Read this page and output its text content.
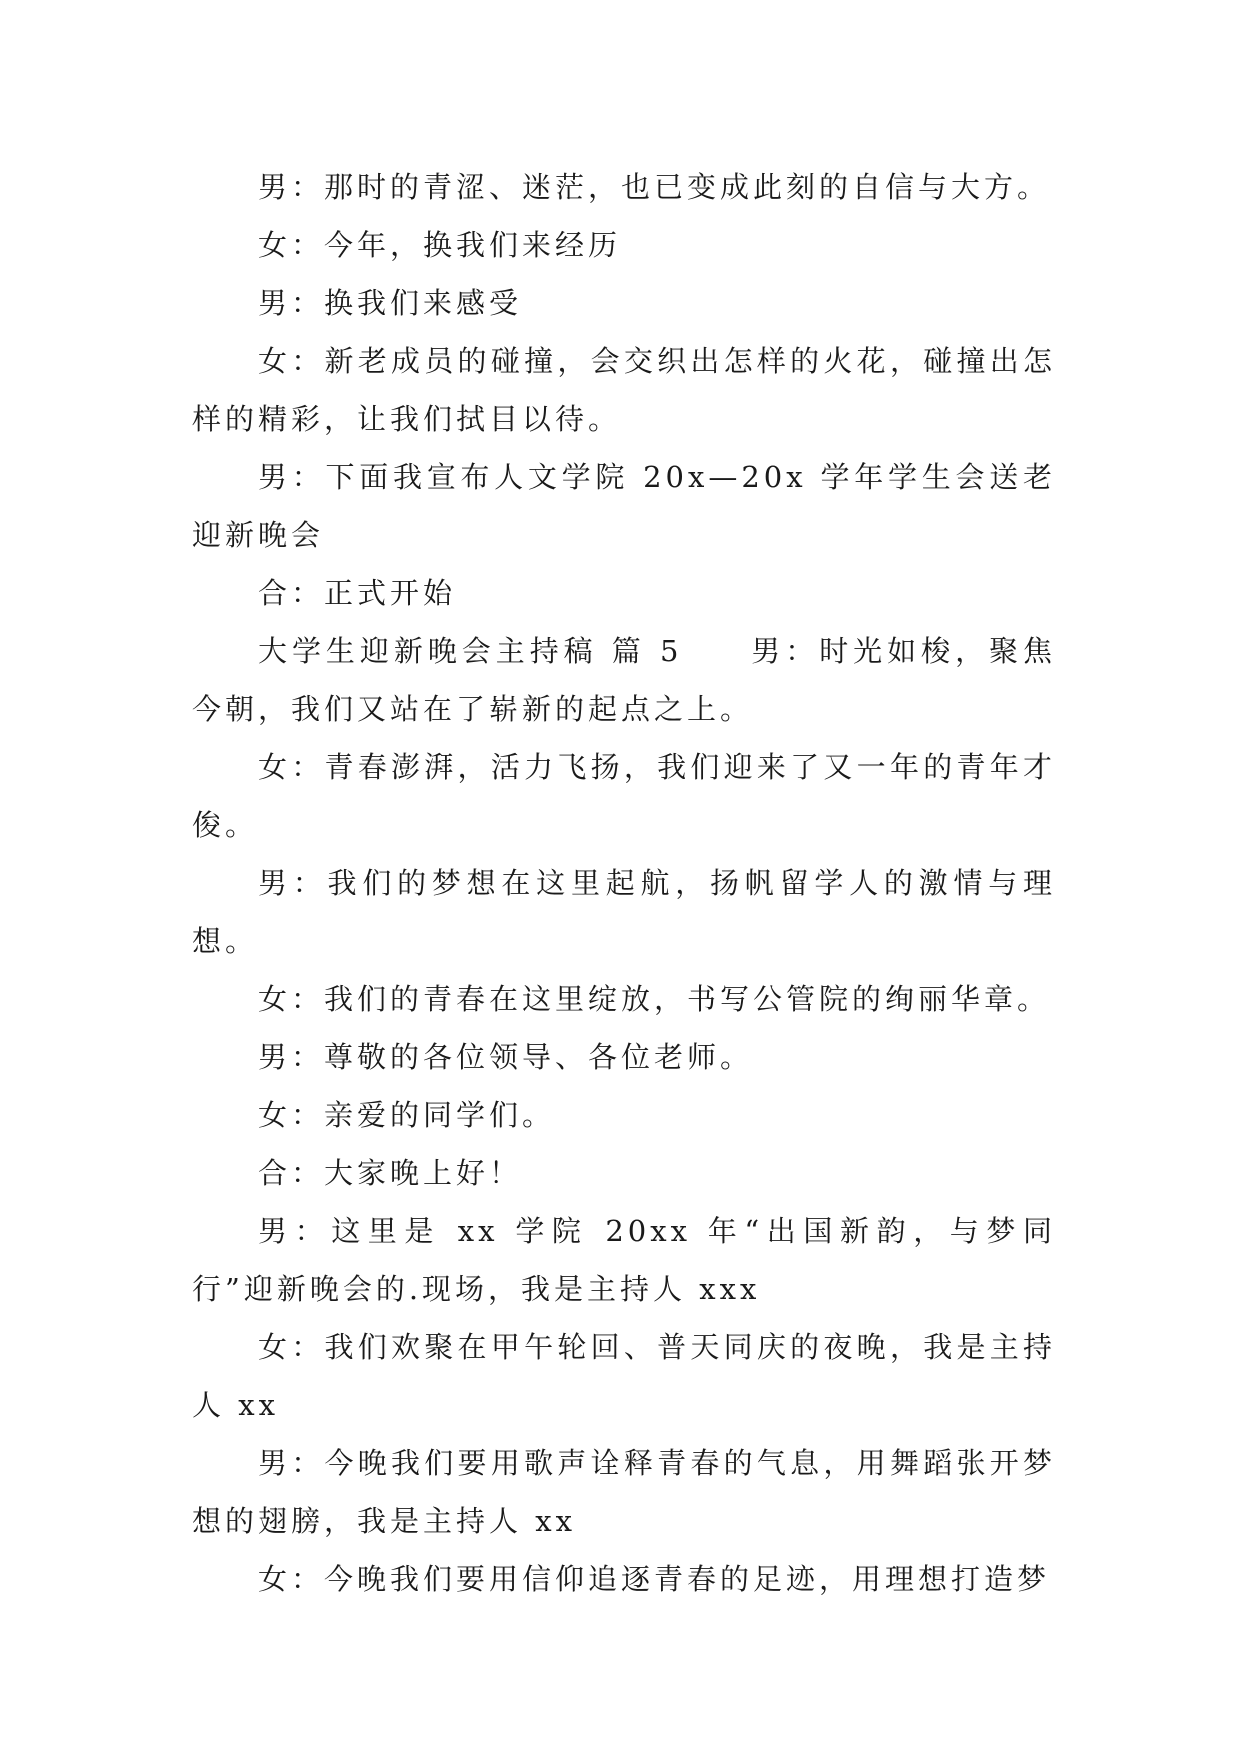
男：那时的青涩、迷茫，也已变成此刻的自信与大方。

女：今年，换我们来经历

男：换我们来感受

女：新老成员的碰撞，会交织出怎样的火花，碰撞出怎样的精彩，让我们拭目以待。

男：下面我宣布人文学院 20x—20x 学年学生会送老迎新晚会

合：正式开始

大学生迎新晚会主持稿 篇 5　　男：时光如梭，聚焦今朝，我们又站在了崭新的起点之上。

女：青春澎湃，活力飞扬，我们迎来了又一年的青年才俊。

男：我们的梦想在这里起航，扬帆留学人的激情与理想。

女：我们的青春在这里绽放，书写公管院的绚丽华章。

男：尊敬的各位领导、各位老师。

女：亲爱的同学们。

合：大家晚上好！

男：这里是 xx 学院 20xx 年“出国新韵，与梦同行”迎新晚会的.现场，我是主持人 xxx

女：我们欢聚在甲午轮回、普天同庆的夜晚，我是主持人 xx

男：今晚我们要用歌声诠释青春的气息，用舞蹈张开梦想的翅膀，我是主持人 xx

女：今晚我们要用信仰追逐青春的足迹，用理想打造梦
